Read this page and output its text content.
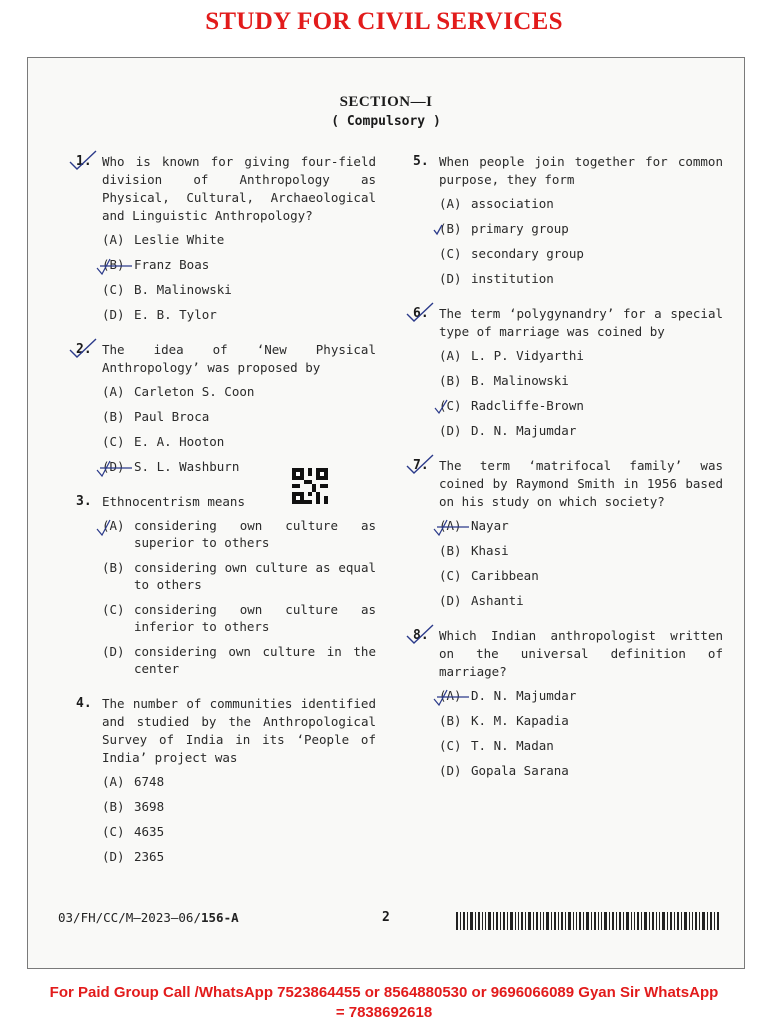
STUDY FOR CIVIL SERVICES
SECTION—I
( Compulsory )
1. Who is known for giving four-field division of Anthropology as Physical, Cultural, Archaeological and Linguistic Anthropology?
(A) Leslie White
(B) Franz Boas
(C) B. Malinowski
(D) E. B. Tylor
2. The idea of ‘New Physical Anthropology’ was proposed by
(A) Carleton S. Coon
(B) Paul Broca
(C) E. A. Hooton
(D) S. L. Washburn
3. Ethnocentrism means
(A) considering own culture as superior to others
(B) considering own culture as equal to others
(C) considering own culture as inferior to others
(D) considering own culture in the center
4. The number of communities identified and studied by the Anthropological Survey of India in its ‘People of India’ project was
(A) 6748
(B) 3698
(C) 4635
(D) 2365
5. When people join together for common purpose, they form
(A) association
(B) primary group
(C) secondary group
(D) institution
6. The term ‘polygynandry’ for a special type of marriage was coined by
(A) L. P. Vidyarthi
(B) B. Malinowski
(C) Radcliffe-Brown
(D) D. N. Majumdar
7. The term ‘matrifocal family’ was coined by Raymond Smith in 1956 based on his study on which society?
(A) Nayar
(B) Khasi
(C) Caribbean
(D) Ashanti
8. Which Indian anthropologist written on the universal definition of marriage?
(A) D. N. Majumdar
(B) K. M. Kapadia
(C) T. N. Madan
(D) Gopala Sarana
03/FH/CC/M–2023–06/156-A	2
For Paid Group Call /WhatsApp 7523864455 or 8564880530 or 9696066089 Gyan Sir WhatsApp
= 7838692618
